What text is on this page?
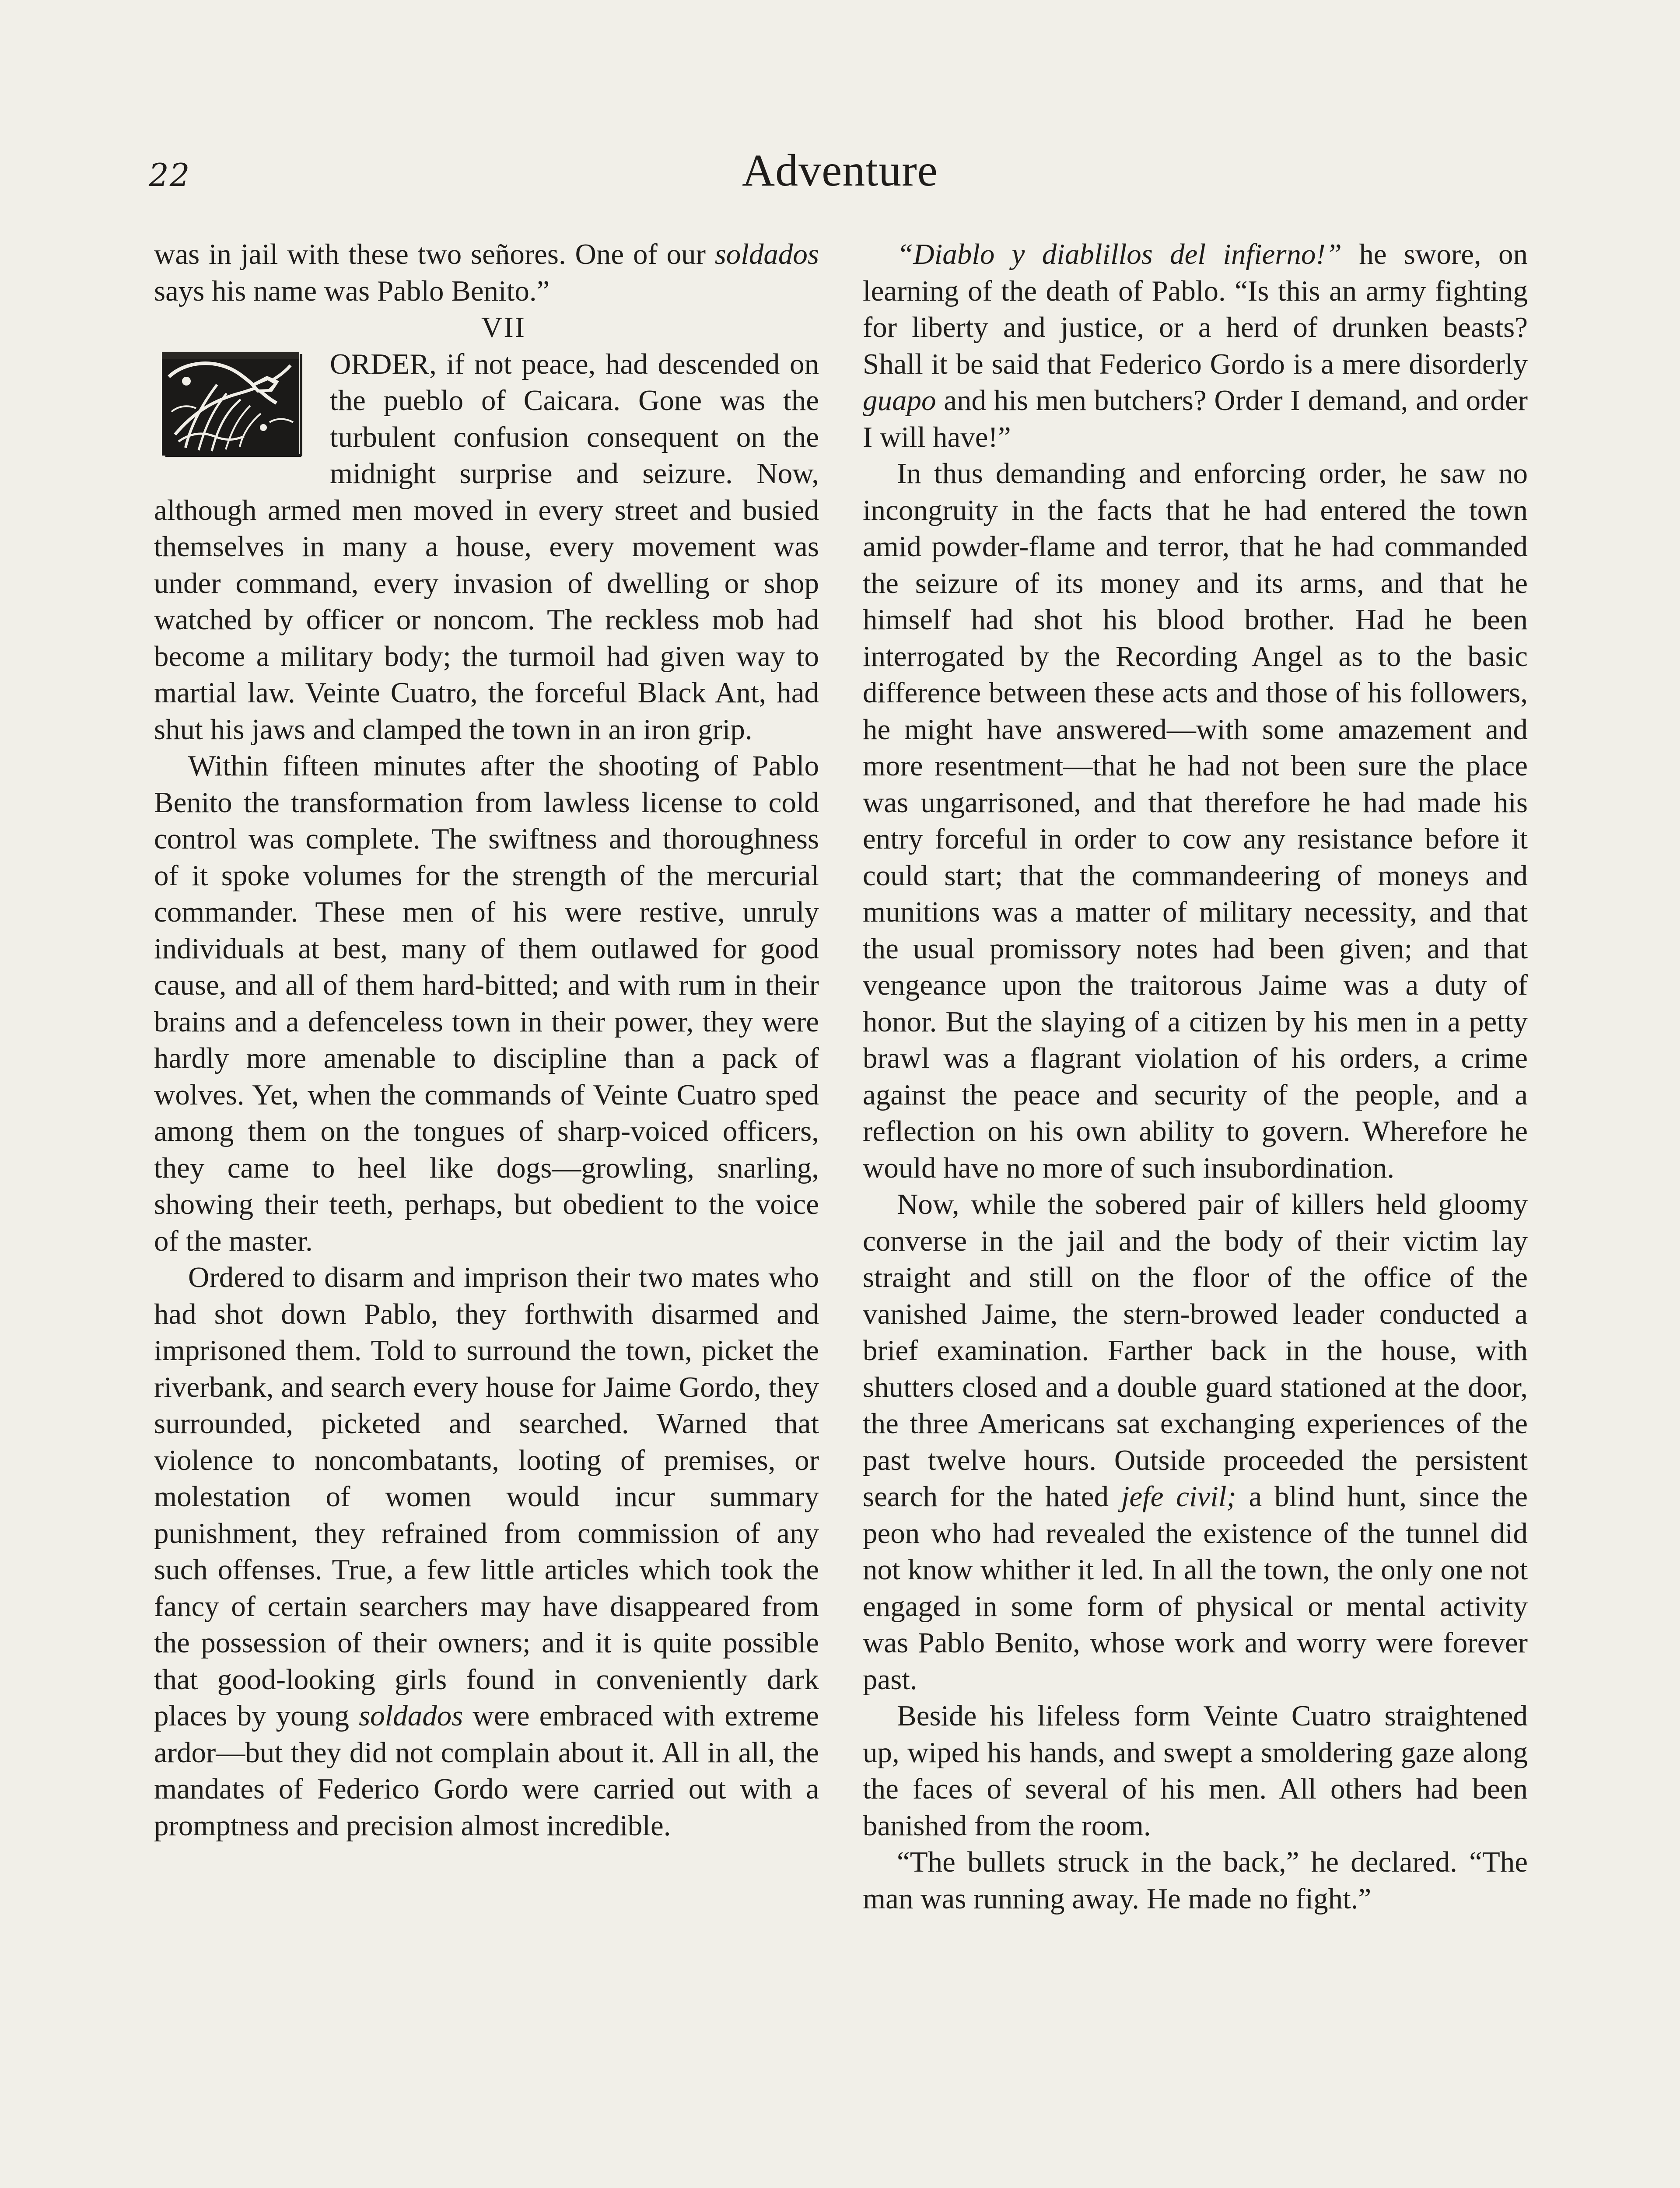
22	Adventure

was in jail with these two señores. One of our soldados says his name was Pablo Benito.”

VII

ORDER, if not peace, had descended on the pueblo of Caicara. Gone was the turbulent confusion consequent on the midnight surprise and seizure. Now, although armed men moved in every street and busied themselves in many a house, every movement was under command, every invasion of dwelling or shop watched by officer or noncom. The reckless mob had become a military body; the turmoil had given way to martial law. Veinte Cuatro, the forceful Black Ant, had shut his jaws and clamped the town in an iron grip.

Within fifteen minutes after the shooting of Pablo Benito the transformation from lawless license to cold control was complete. The swiftness and thoroughness of it spoke volumes for the strength of the mercurial commander. These men of his were restive, unruly individuals at best, many of them outlawed for good cause, and all of them hard-bitted; and with rum in their brains and a defenceless town in their power, they were hardly more amenable to discipline than a pack of wolves. Yet, when the commands of Veinte Cuatro sped among them on the tongues of sharp-voiced officers, they came to heel like dogs—growling, snarling, showing their teeth, perhaps, but obedient to the voice of the master.

Ordered to disarm and imprison their two mates who had shot down Pablo, they forthwith disarmed and imprisoned them. Told to surround the town, picket the riverbank, and search every house for Jaime Gordo, they surrounded, picketed and searched. Warned that violence to noncombatants, looting of premises, or molestation of women would incur summary punishment, they refrained from commission of any such offenses. True, a few little articles which took the fancy of certain searchers may have disappeared from the possession of their owners; and it is quite possible that good-looking girls found in conveniently dark places by young soldados were embraced with extreme ardor—but they did not complain about it. All in all, the mandates of Federico Gordo were carried out with a promptness and precision almost incredible.

“Diablo y diablillos del infierno!” he swore, on learning of the death of Pablo. “Is this an army fighting for liberty and justice, or a herd of drunken beasts? Shall it be said that Federico Gordo is a mere disorderly guapo and his men butchers? Order I demand, and order I will have!”

In thus demanding and enforcing order, he saw no incongruity in the facts that he had entered the town amid powder-flame and terror, that he had commanded the seizure of its money and its arms, and that he himself had shot his blood brother. Had he been interrogated by the Recording Angel as to the basic difference between these acts and those of his followers, he might have answered—with some amazement and more resentment—that he had not been sure the place was ungarrisoned, and that therefore he had made his entry forceful in order to cow any resistance before it could start; that the commandeering of moneys and munitions was a matter of military necessity, and that the usual promissory notes had been given; and that vengeance upon the traitorous Jaime was a duty of honor. But the slaying of a citizen by his men in a petty brawl was a flagrant violation of his orders, a crime against the peace and security of the people, and a reflection on his own ability to govern. Wherefore he would have no more of such insubordination.

Now, while the sobered pair of killers held gloomy converse in the jail and the body of their victim lay straight and still on the floor of the office of the vanished Jaime, the stern-browed leader conducted a brief examination. Farther back in the house, with shutters closed and a double guard stationed at the door, the three Americans sat exchanging experiences of the past twelve hours. Outside proceeded the persistent search for the hated jefe civil; a blind hunt, since the peon who had revealed the existence of the tunnel did not know whither it led. In all the town, the only one not engaged in some form of physical or mental activity was Pablo Benito, whose work and worry were forever past.

Beside his lifeless form Veinte Cuatro straightened up, wiped his hands, and swept a smoldering gaze along the faces of several of his men. All others had been banished from the room.

“The bullets struck in the back,” he declared. “The man was running away. He made no fight.”
